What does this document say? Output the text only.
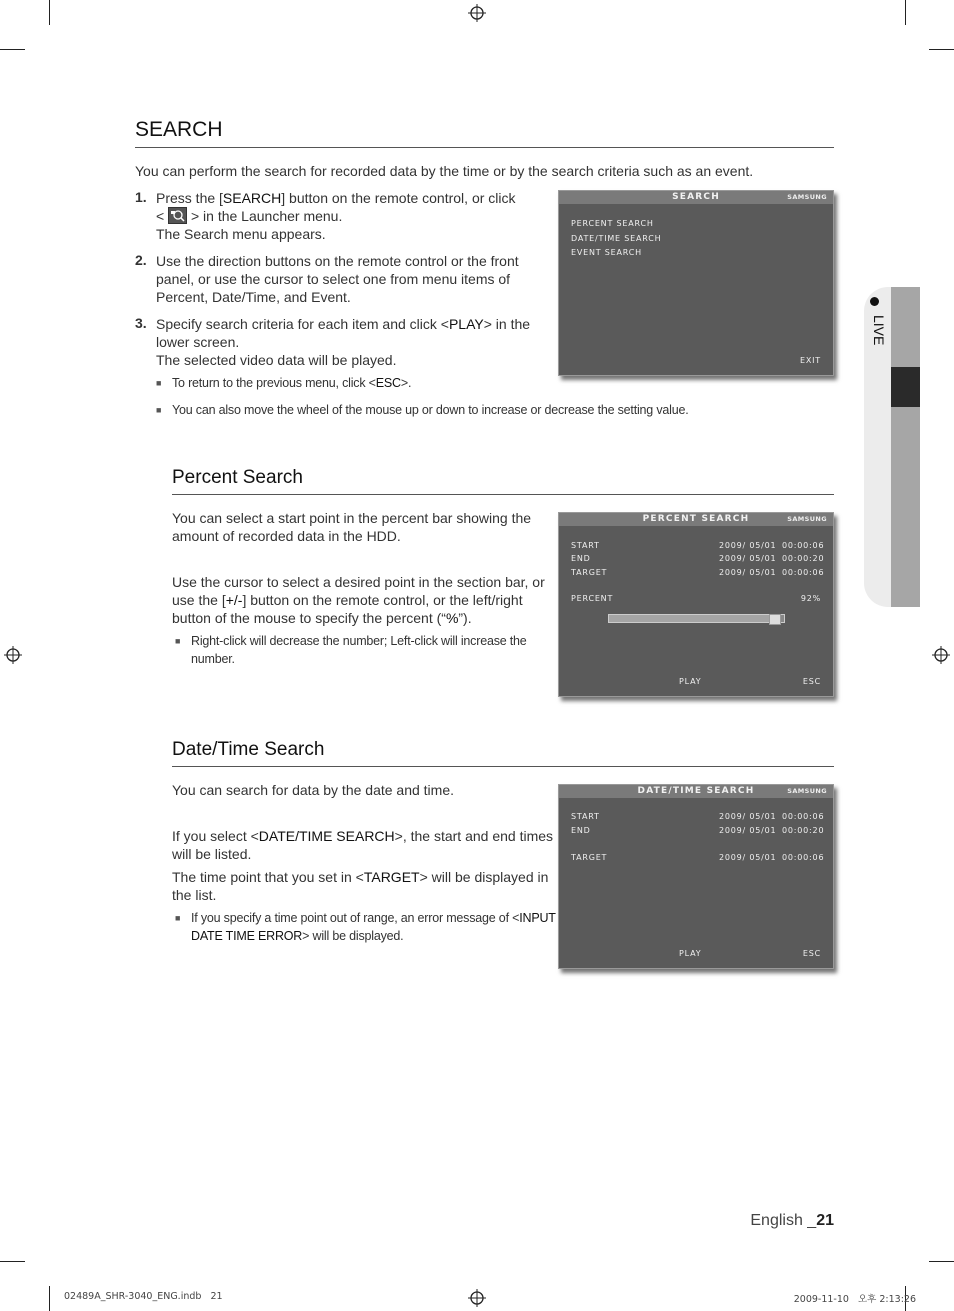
LIVE
SEARCH

You can perform the search for recorded data by the time or by the search criteria such as an event.

1. Press the [SEARCH] button on the remote control, or click
<
> in the Launcher menu.
The Search menu appears.

2. Use the direction buttons on the remote control or the front
panel, or use the cursor to select one from menu items of
Percent, Date/Time, and Event.

3. Specify search criteria for each item and click <PLAY> in the
lower screen.
The selected video data will be played.

■ To return to the previous menu, click <ESC>.

■ You can also move the wheel of the mouse up or down to increase or decrease the setting value.

SEARCH	SAMSUNG
PERCENT SEARCH
DATE/TIME SEARCH
EVENT SEARCH
EXIT
Percent Search

You can select a start point in the percent bar showing the
amount of recorded data in the HDD.

Use the cursor to select a desired point in the section bar, or
use the [+/-] button on the remote control, or the left/right
button of the mouse to specify the percent (“%”).

■ Right-click will decrease the number; Left-click will increase the
number.

PERCENT SEARCH	SAMSUNG
START	2009/ 05/01 00:00:06
END	2009/ 05/01 00:00:20
TARGET	2009/ 05/01 00:00:06
PERCENT	92%
PLAY	ESC
Date/Time Search

You can search for data by the date and time.

If you select <DATE/TIME SEARCH>, the start and end times
will be listed.

The time point that you set in <TARGET> will be displayed in
the list.

■ If you specify a time point out of range, an error message of <INPUT
DATE TIME ERROR> will be displayed.

DATE/TIME SEARCH	SAMSUNG
START	2009/ 05/01 00:00:06
END	2009/ 05/01 00:00:20
TARGET	2009/ 05/01 00:00:06
PLAY	ESC
English _21
02489A_SHR-3040_ENG.indb   21	2009-11-10   오후 2:13:26
